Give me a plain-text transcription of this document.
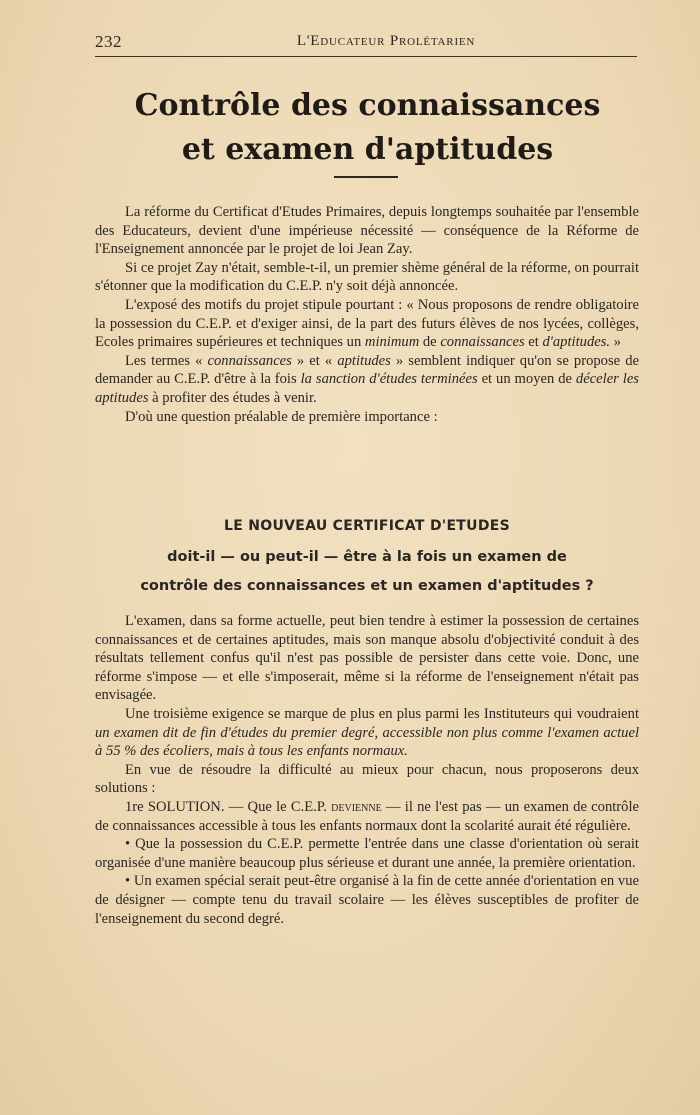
232	L'Educateur Prolétarien
Contrôle des connaissances
et examen d'aptitudes

La réforme du Certificat d'Etudes Primaires, depuis longtemps souhaitée par l'ensemble des Educateurs, devient d'une impérieuse nécessité — conséquence de la Réforme de l'Enseignement annoncée par le projet de loi Jean Zay.

Si ce projet Zay n'était, semble-t-il, un premier shème général de la réforme, on pourrait s'étonner que la modification du C.E.P. n'y soit déjà annoncée.

L'exposé des motifs du projet stipule pourtant : « Nous proposons de rendre obligatoire la possession du C.E.P. et d'exiger ainsi, de la part des futurs élèves de nos lycées, collèges, Ecoles primaires supérieures et techniques un minimum de connaissances et d'aptitudes. »

Les termes « connaissances » et « aptitudes » semblent indiquer qu'on se propose de demander au C.E.P. d'être à la fois la sanction d'études terminées et un moyen de déceler les aptitudes à profiter des études à venir.

D'où une question préalable de première importance :

LE NOUVEAU CERTIFICAT D'ETUDES
doit-il — ou peut-il — être à la fois un examen de
contrôle des connaissances et un examen d'aptitudes ?

L'examen, dans sa forme actuelle, peut bien tendre à estimer la possession de certaines connaissances et de certaines aptitudes, mais son manque absolu d'objectivité conduit à des résultats tellement confus qu'il n'est pas possible de persister dans cette voie. Donc, une réforme s'impose — et elle s'imposerait, même si la réforme de l'enseignement n'était pas envisagée.

Une troisième exigence se marque de plus en plus parmi les Instituteurs qui voudraient un examen dit de fin d'études du premier degré, accessible non plus comme l'examen actuel à 55 % des écoliers, mais à tous les enfants normaux.

En vue de résoudre la difficulté au mieux pour chacun, nous proposerons deux solutions :

1re SOLUTION. — Que le C.E.P. devienne — il ne l'est pas — un examen de contrôle de connaissances accessible à tous les enfants normaux dont la scolarité aurait été régulière.

• Que la possession du C.E.P. permette l'entrée dans une classe d'orientation où serait organisée d'une manière beaucoup plus sérieuse et durant une année, la première orientation.

• Un examen spécial serait peut-être organisé à la fin de cette année d'orientation en vue de désigner — compte tenu du travail scolaire — les élèves susceptibles de profiter de l'enseignement du second degré.
